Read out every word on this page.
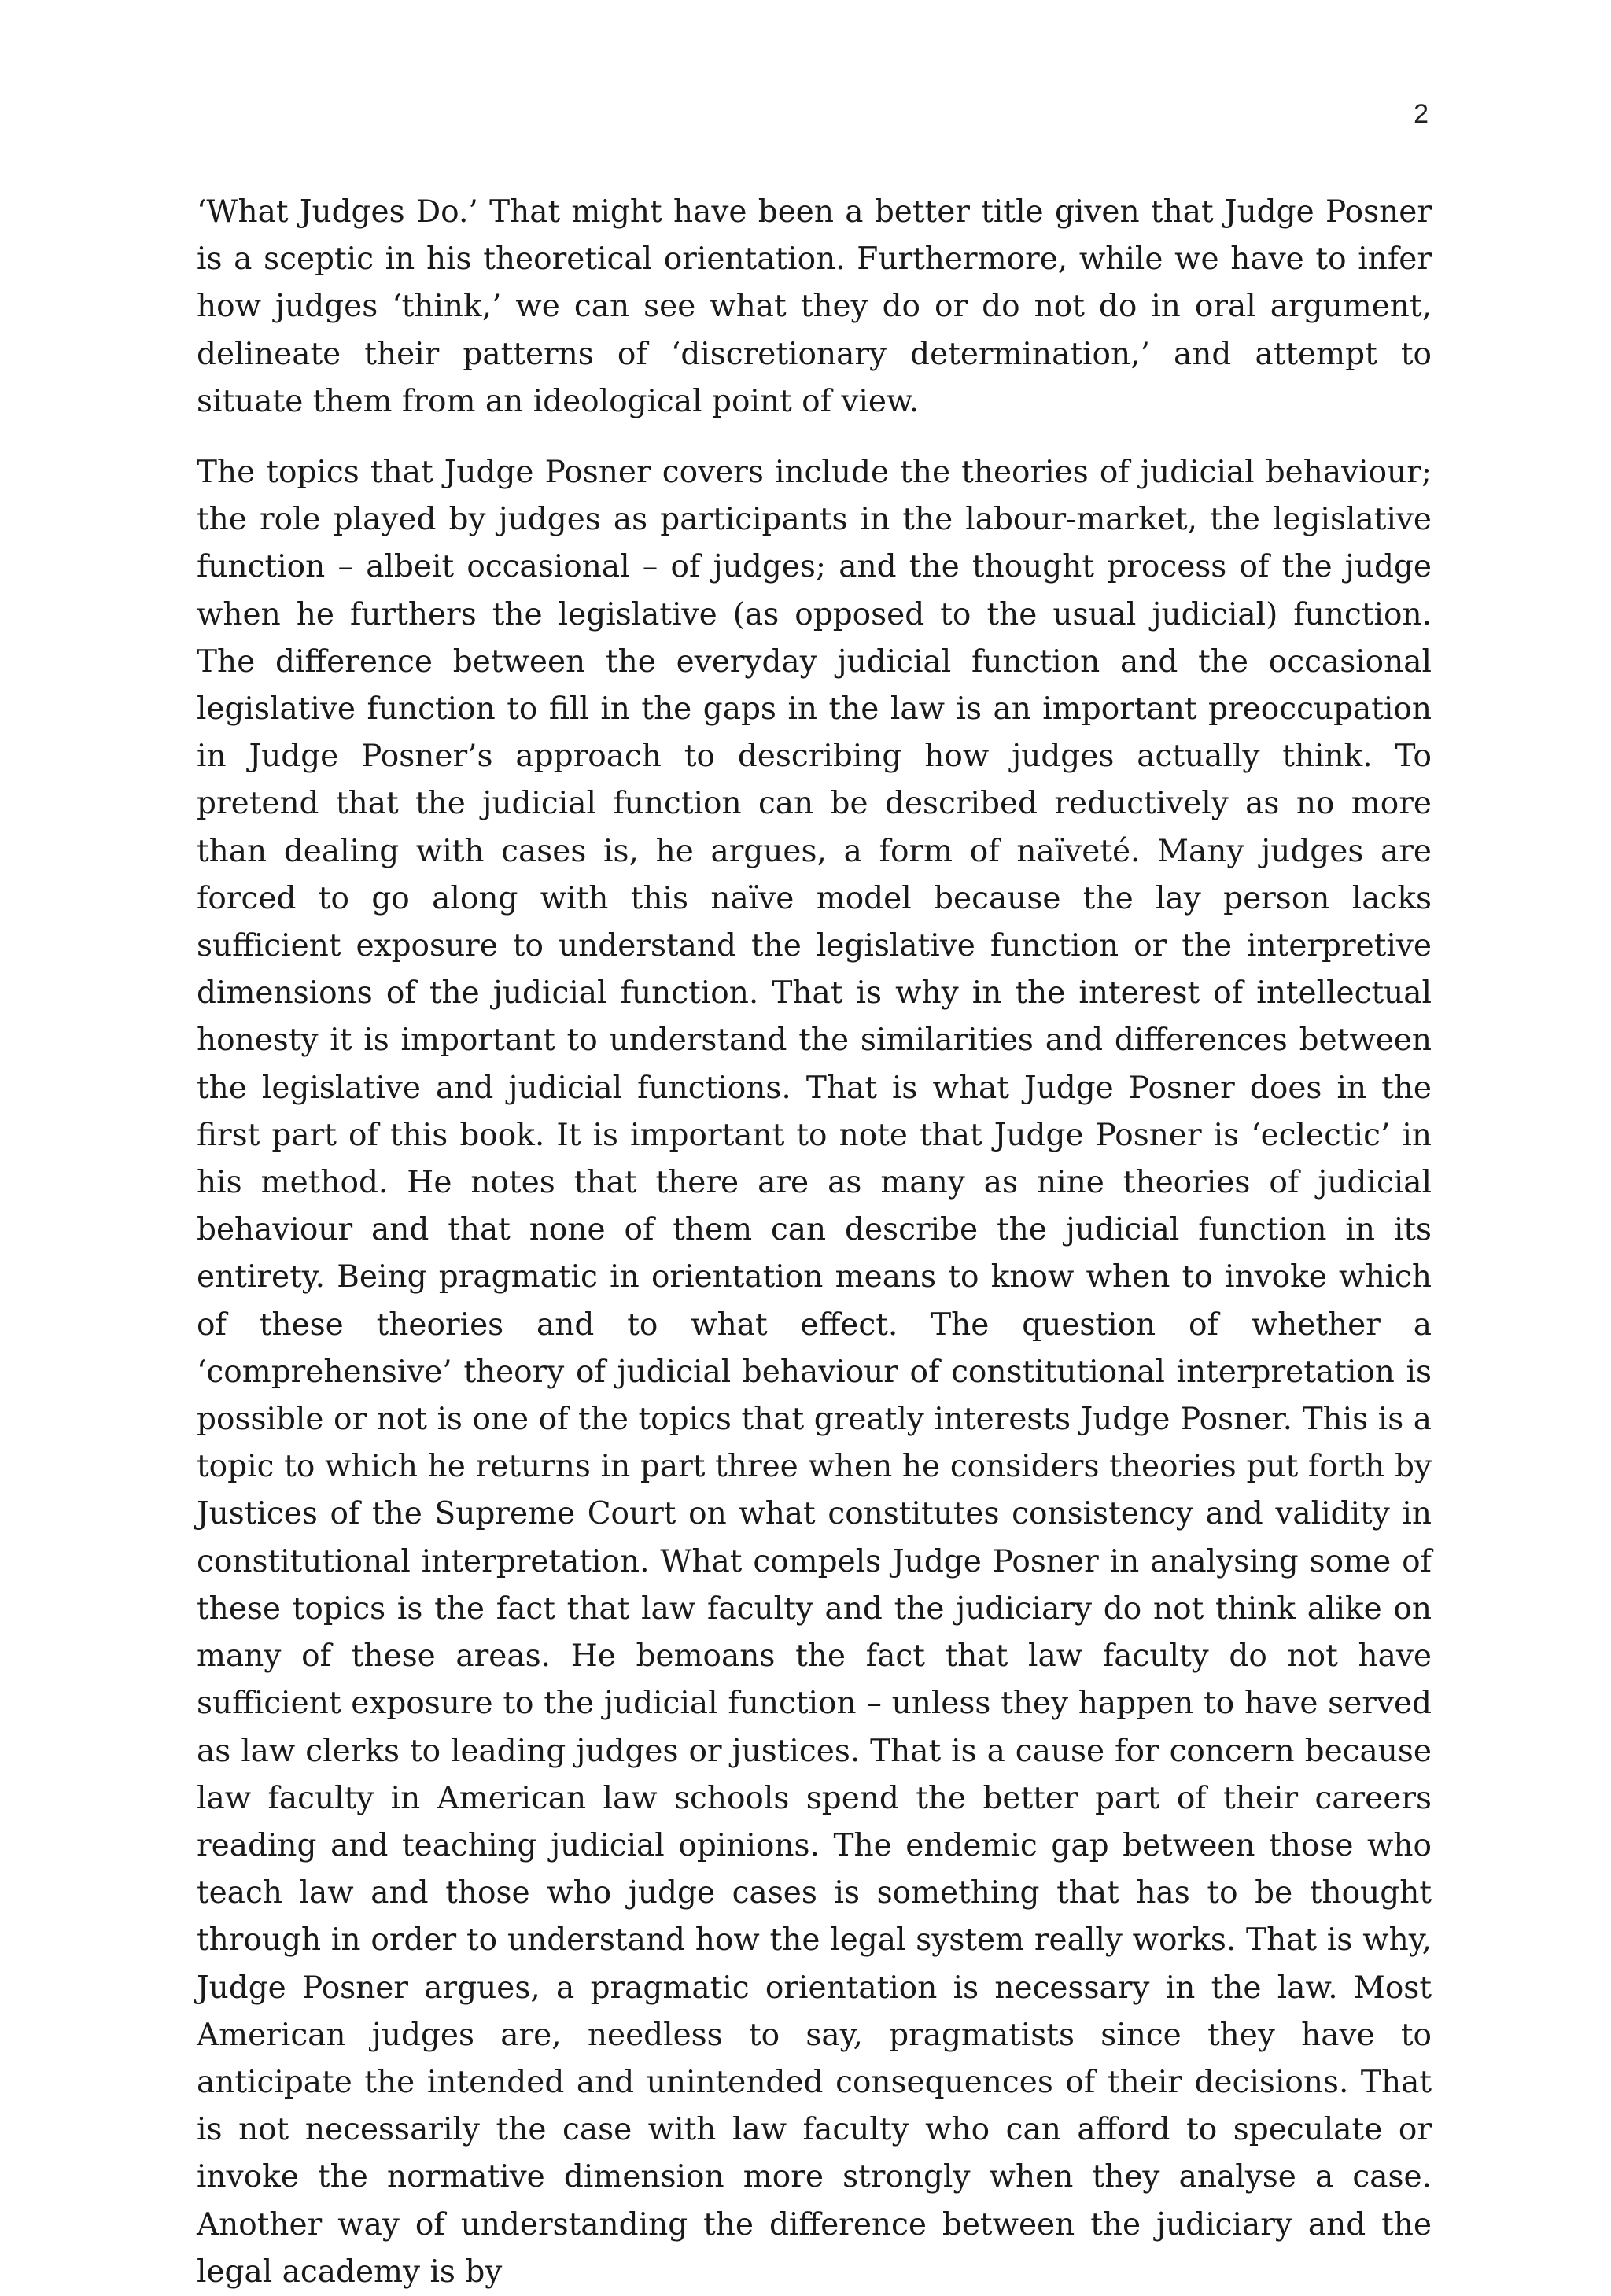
2

‘What Judges Do.’ That might have been a better title given that Judge Posner is a sceptic in his theoretical orientation. Furthermore, while we have to infer how judges ‘think,’ we can see what they do or do not do in oral argument, delineate their patterns of ‘discretionary determination,’ and attempt to situate them from an ideological point of view.

The topics that Judge Posner covers include the theories of judicial behaviour; the role played by judges as participants in the labour-market, the legislative function – albeit occasional – of judges; and the thought process of the judge when he furthers the legislative (as opposed to the usual judicial) function. The difference between the everyday judicial function and the occasional legislative function to fill in the gaps in the law is an important preoccupation in Judge Posner’s approach to describing how judges actually think. To pretend that the judicial function can be described reductively as no more than dealing with cases is, he argues, a form of naïveté. Many judges are forced to go along with this naïve model because the lay person lacks sufficient exposure to understand the legislative function or the interpretive dimensions of the judicial function. That is why in the interest of intellectual honesty it is important to understand the similarities and differences between the legislative and judicial functions. That is what Judge Posner does in the first part of this book. It is important to note that Judge Posner is ‘eclectic’ in his method. He notes that there are as many as nine theories of judicial behaviour and that none of them can describe the judicial function in its entirety. Being pragmatic in orientation means to know when to invoke which of these theories and to what effect. The question of whether a ‘comprehensive’ theory of judicial behaviour of constitutional interpretation is possible or not is one of the topics that greatly interests Judge Posner. This is a topic to which he returns in part three when he considers theories put forth by Justices of the Supreme Court on what constitutes consistency and validity in constitutional interpretation. What compels Judge Posner in analysing some of these topics is the fact that law faculty and the judiciary do not think alike on many of these areas. He bemoans the fact that law faculty do not have sufficient exposure to the judicial function – unless they happen to have served as law clerks to leading judges or justices. That is a cause for concern because law faculty in American law schools spend the better part of their careers reading and teaching judicial opinions. The endemic gap between those who teach law and those who judge cases is something that has to be thought through in order to understand how the legal system really works. That is why, Judge Posner argues, a pragmatic orientation is necessary in the law. Most American judges are, needless to say, pragmatists since they have to anticipate the intended and unintended consequences of their decisions. That is not necessarily the case with law faculty who can afford to speculate or invoke the normative dimension more strongly when they analyse a case. Another way of understanding the difference between the judiciary and the legal academy is by
